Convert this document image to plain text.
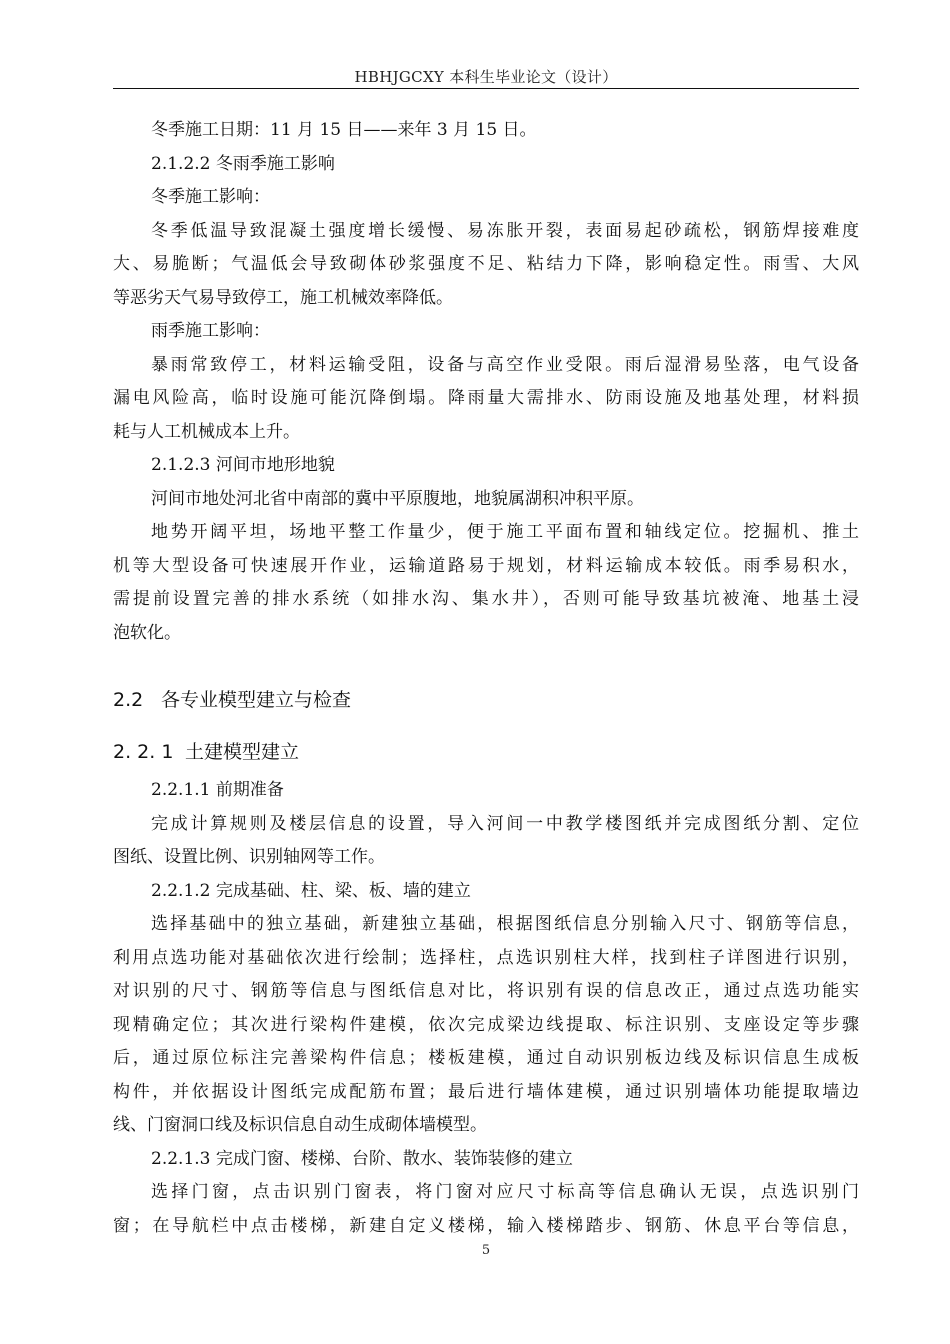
HBHJGCXY 本科生毕业论文（设计）
冬季施工日期：11 月 15 日——来年 3 月 15 日。
2.1.2.2 冬雨季施工影响
冬季施工影响：
冬季低温导致混凝土强度增长缓慢、易冻胀开裂，表面易起砂疏松，钢筋焊接难度
大、易脆断；气温低会导致砌体砂浆强度不足、粘结力下降，影响稳定性。雨雪、大风
等恶劣天气易导致停工，施工机械效率降低。
雨季施工影响：
暴雨常致停工，材料运输受阻，设备与高空作业受限。雨后湿滑易坠落，电气设备
漏电风险高，临时设施可能沉降倒塌。降雨量大需排水、防雨设施及地基处理，材料损
耗与人工机械成本上升。
2.1.2.3 河间市地形地貌
河间市地处河北省中南部的冀中平原腹地，地貌属湖积冲积平原。
地势开阔平坦，场地平整工作量少，便于施工平面布置和轴线定位。挖掘机、推土
机等大型设备可快速展开作业，运输道路易于规划，材料运输成本较低。雨季易积水，
需提前设置完善的排水系统（如排水沟、集水井），否则可能导致基坑被淹、地基土浸
泡软化。
2.2 各专业模型建立与检查
2. 2. 1 土建模型建立
2.2.1.1 前期准备
完成计算规则及楼层信息的设置，导入河间一中教学楼图纸并完成图纸分割、定位
图纸、设置比例、识别轴网等工作。
2.2.1.2 完成基础、柱、梁、板、墙的建立
选择基础中的独立基础，新建独立基础，根据图纸信息分别输入尺寸、钢筋等信息，
利用点选功能对基础依次进行绘制；选择柱，点选识别柱大样，找到柱子详图进行识别，
对识别的尺寸、钢筋等信息与图纸信息对比，将识别有误的信息改正，通过点选功能实
现精确定位；其次进行梁构件建模，依次完成梁边线提取、标注识别、支座设定等步骤
后，通过原位标注完善梁构件信息；楼板建模，通过自动识别板边线及标识信息生成板
构件，并依据设计图纸完成配筋布置；最后进行墙体建模，通过识别墙体功能提取墙边
线、门窗洞口线及标识信息自动生成砌体墙模型。
2.2.1.3 完成门窗、楼梯、台阶、散水、装饰装修的建立
选择门窗，点击识别门窗表，将门窗对应尺寸标高等信息确认无误，点选识别门
窗；在导航栏中点击楼梯，新建自定义楼梯，输入楼梯踏步、钢筋、休息平台等信息，
5
